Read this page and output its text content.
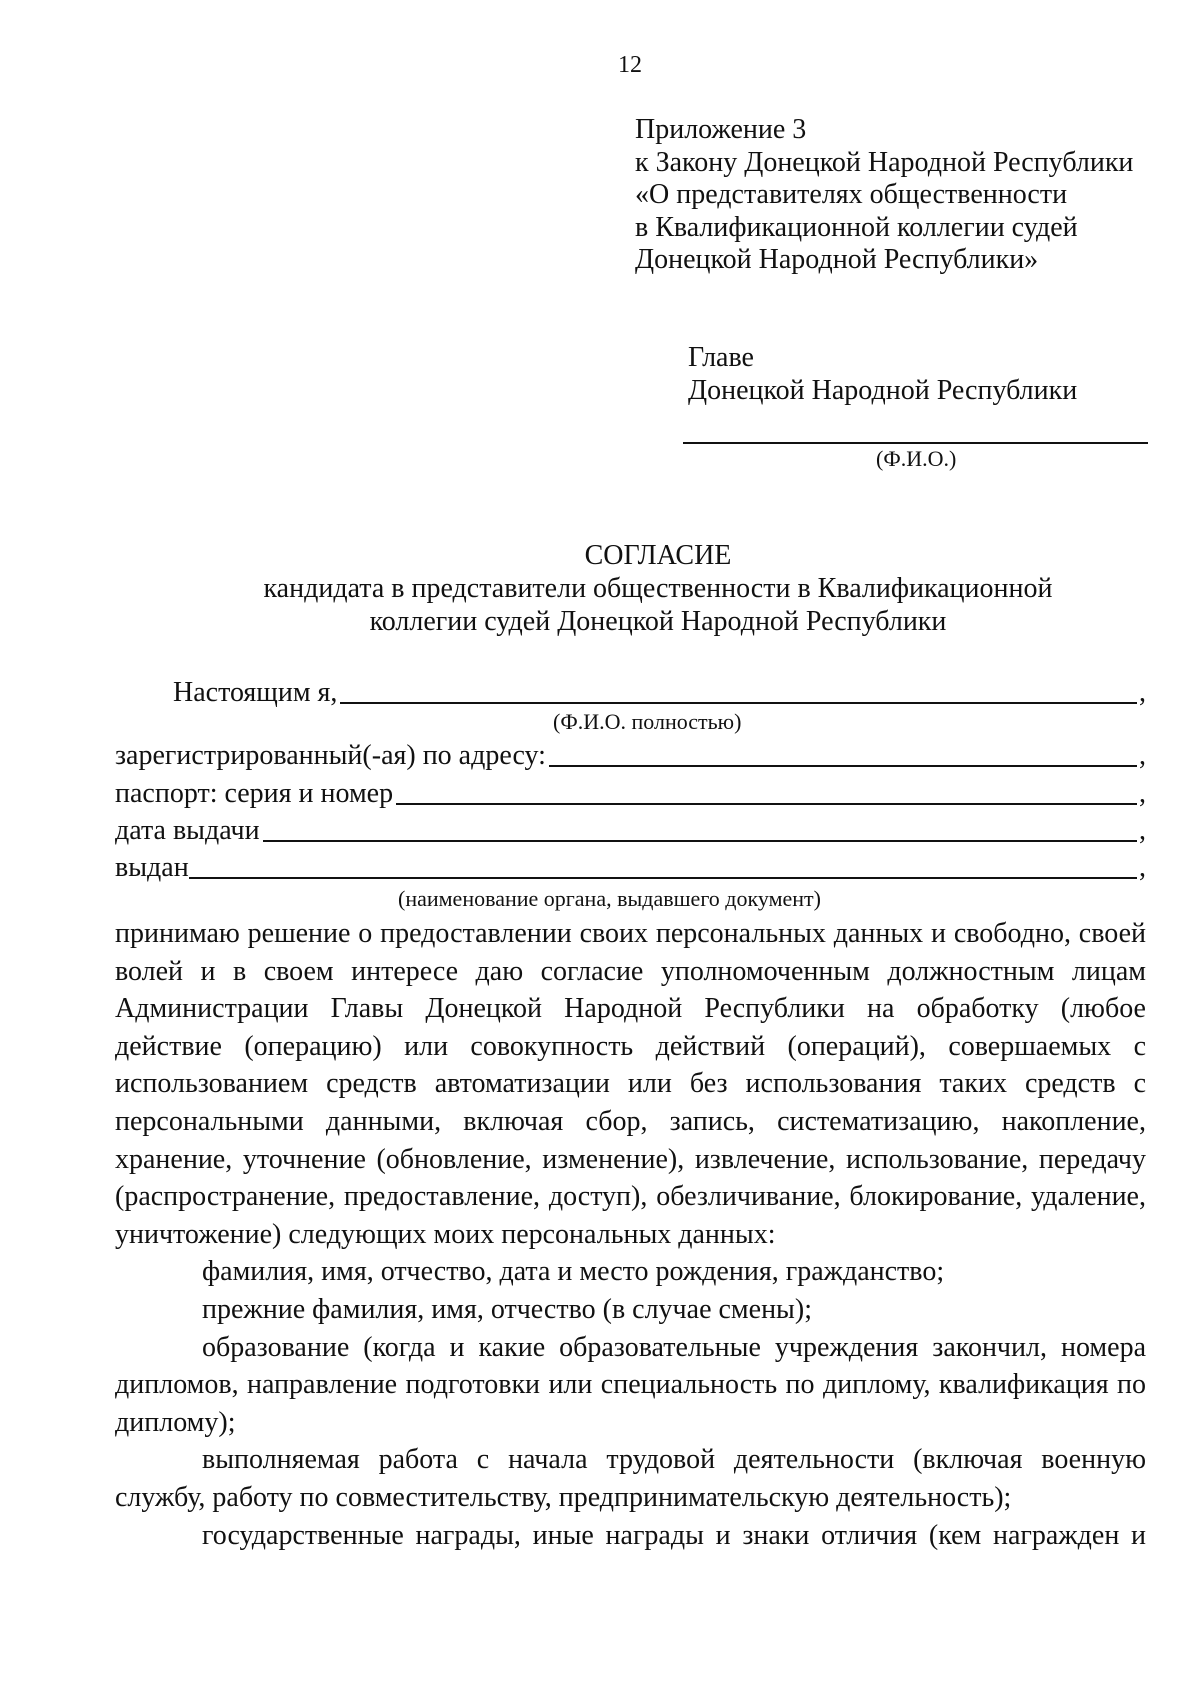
12
Приложение 3
к Закону Донецкой Народной Республики
«О представителях общественности
в Квалификационной коллегии судей
Донецкой Народной Республики»
Главе
Донецкой Народной Республики
(Ф.И.О.)
СОГЛАСИЕ
кандидата в представители общественности в Квалификационной
коллегии судей Донецкой Народной Республики
Настоящим я,	,
(Ф.И.О. полностью)
зарегистрированный(-ая) по адресу:	,
паспорт: серия и номер	,
дата выдачи	,
выдан	,
(наименование органа, выдавшего документ)

принимаю решение о предоставлении своих персональных данных и свободно, своей волей и в своем интересе даю согласие уполномоченным должностным лицам Администрации Главы Донецкой Народной Республики на обработку (любое действие (операцию) или совокупность действий (операций), совершаемых с использованием средств автоматизации или без использования таких средств с персональными данными, включая сбор, запись, систематизацию, накопление, хранение, уточнение (обновление, изменение), извлечение, использование, передачу (распространение, предоставление, доступ), обезличивание, блокирование, удаление, уничтожение) следующих моих персональных данных:

фамилия, имя, отчество, дата и место рождения, гражданство;

прежние фамилия, имя, отчество (в случае смены);

образование (когда и какие образовательные учреждения закончил, номера дипломов, направление подготовки или специальность по диплому, квалификация по диплому);

выполняемая работа с начала трудовой деятельности (включая военную службу, работу по совместительству, предпринимательскую деятельность);

государственные награды, иные награды и знаки отличия (кем награжден и
